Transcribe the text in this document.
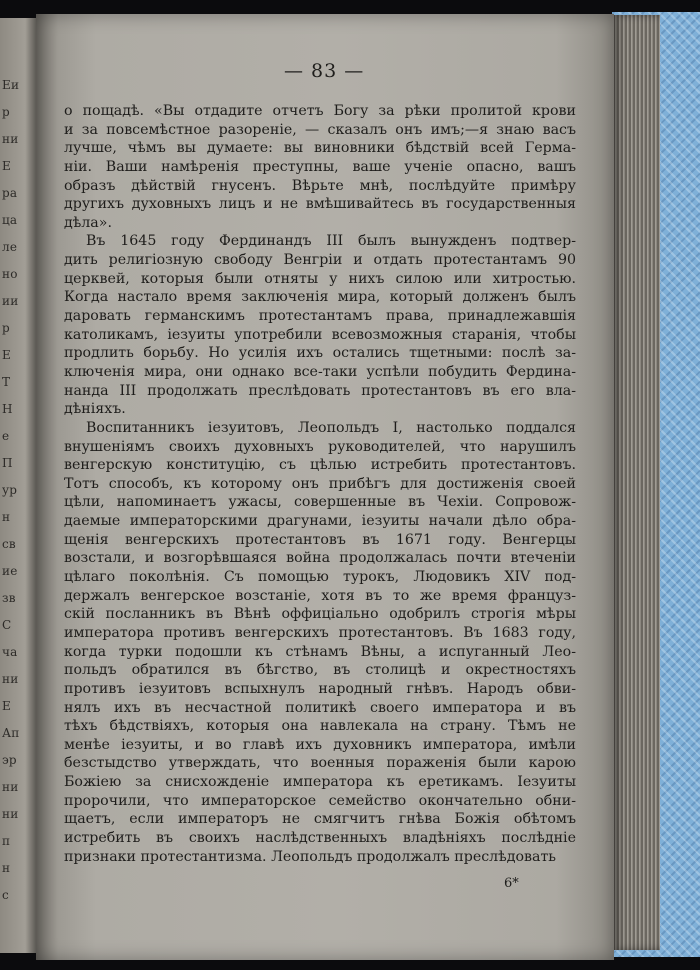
Еи
р
ни
Е
ра
ца
ле
но
ии
р
Е
Т
Н
е
П
ур
н
св
ие
зв
С
ча
ни
Е
Ап
эр
ни
ни
п
н
с
— 83 —
о пощадѣ. «Вы отдадите отчетъ Богу за рѣки пролитой крови
и за повсемѣстное разореніе, — сказалъ онъ имъ;—я знаю васъ
лучше, чѣмъ вы думаете: вы виновники бѣдствій всей Герма-
ніи. Ваши намѣренія преступны, ваше ученіе опасно, вашъ
образъ дѣйствій гнусенъ. Вѣрьте мнѣ, послѣдуйте примѣру
другихъ духовныхъ лицъ и не вмѣшивайтесь въ государственныя
дѣла».
Въ 1645 году Фердинандъ III былъ вынужденъ подтвер-
дить религіозную свободу Венгріи и отдать протестантамъ 90
церквей, которыя были отняты у нихъ силою или хитростью.
Когда настало время заключенія мира, который долженъ былъ
даровать германскимъ протестантамъ права, принадлежавшія
католикамъ, іезуиты употребили всевозможныя старанія, чтобы
продлить борьбу. Но усилія ихъ остались тщетными: послѣ за-
ключенія мира, они однако все-таки успѣли побудить Фердина-
нанда III продолжать преслѣдовать протестантовъ въ его вла-
дѣніяхъ.
Воспитанникъ іезуитовъ, Леопольдъ I, настолько поддался
внушеніямъ своихъ духовныхъ руководителей, что нарушилъ
венгерскую конституцію, съ цѣлью истребить протестантовъ.
Тотъ способъ, къ которому онъ прибѣгъ для достиженія своей
цѣли, напоминаетъ ужасы, совершенные въ Чехіи. Сопровож-
даемые императорскими драгунами, іезуиты начали дѣло обра-
щенія венгерскихъ протестантовъ въ 1671 году. Венгерцы
возстали, и возгорѣвшаяся война продолжалась почти втеченіи
цѣлаго поколѣнія. Съ помощью турокъ, Людовикъ XIV под-
держалъ венгерское возстаніе, хотя въ то же время француз-
скій посланникъ въ Вѣнѣ оффиціально одобрилъ строгія мѣры
императора противъ венгерскихъ протестантовъ. Въ 1683 году,
когда турки подошли къ стѣнамъ Вѣны, а испуганный Лео-
польдъ обратился въ бѣгство, въ столицѣ и окрестностяхъ
противъ іезуитовъ вспыхнулъ народный гнѣвъ. Народъ обви-
нялъ ихъ въ несчастной политикѣ своего императора и въ
тѣхъ бѣдствіяхъ, которыя она навлекала на страну. Тѣмъ не
менѣе іезуиты, и во главѣ ихъ духовникъ императора, имѣли
безстыдство утверждать, что военныя пораженія были карою
Божіею за снисхожденіе императора къ еретикамъ. Іезуиты
пророчили, что императорское семейство окончательно обни-
щаетъ, если императоръ не смягчитъ гнѣва Божія обѣтомъ
истребить въ своихъ наслѣдственныхъ владѣніяхъ послѣдніе
признаки протестантизма. Леопольдъ продолжалъ преслѣдовать
6*
